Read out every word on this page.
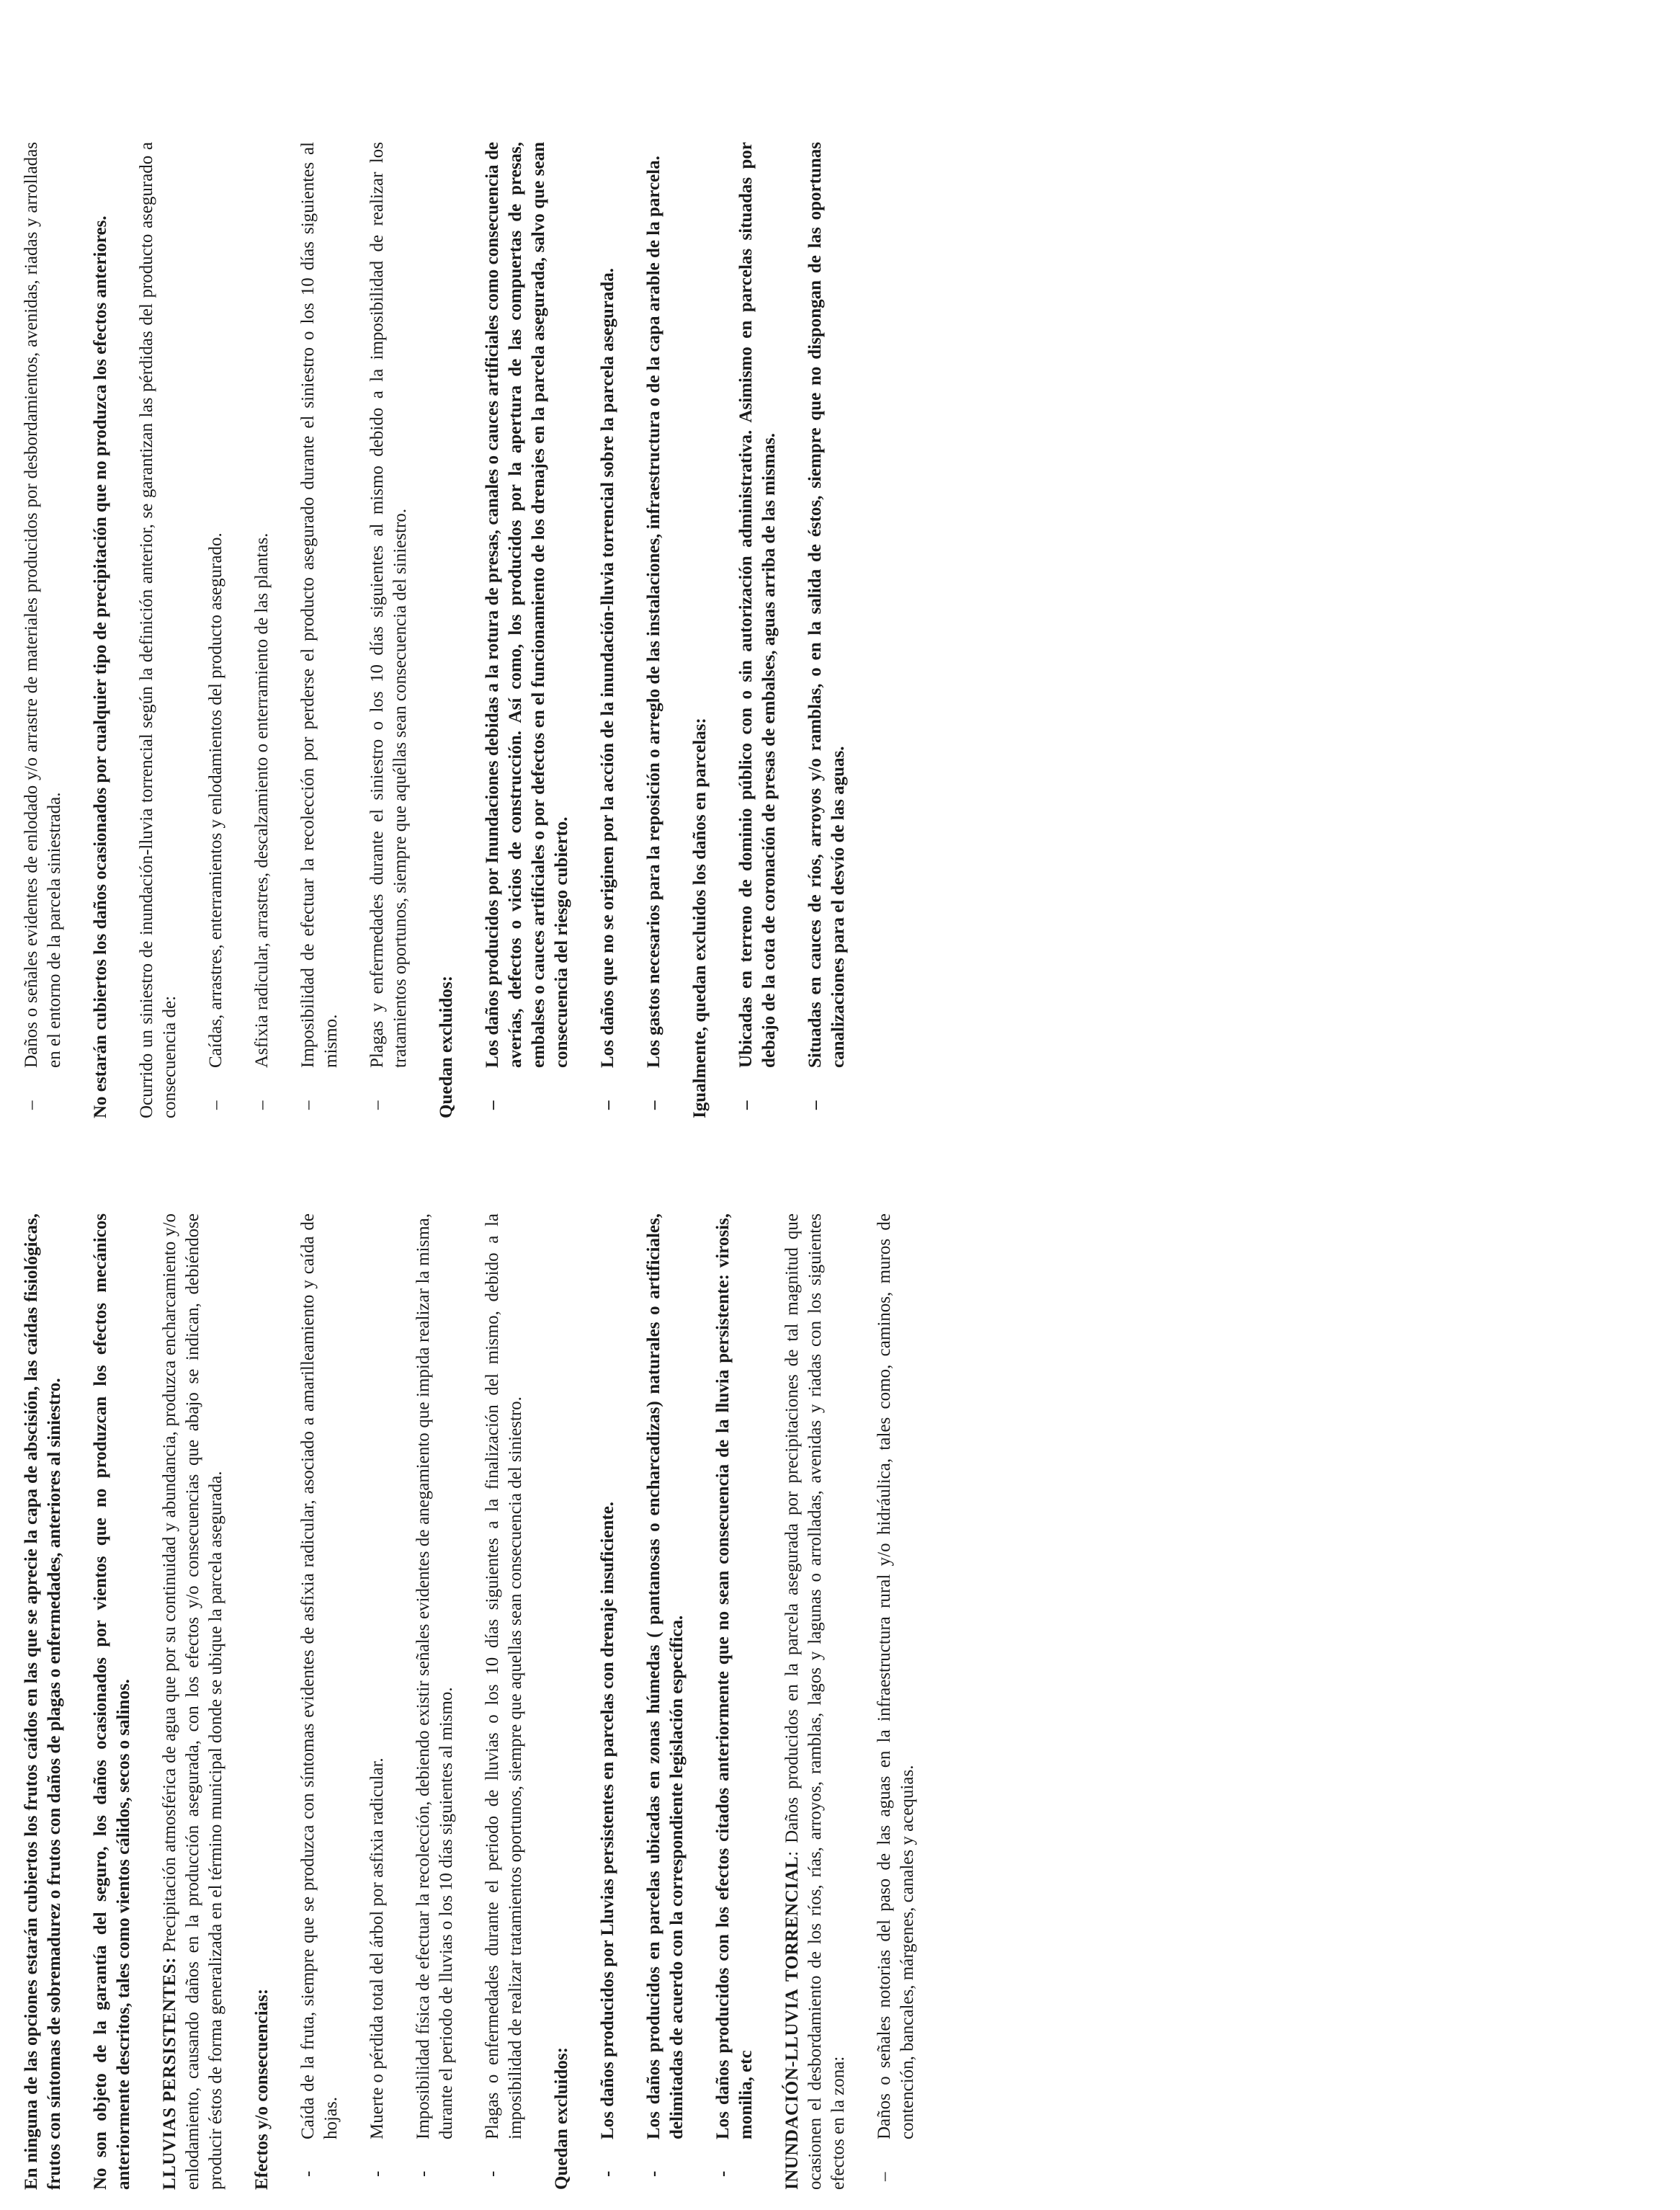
En ninguna de las opciones estarán cubiertos los frutos caídos en las que se aprecie la capa de abscisión, las caídas fisiológicas, frutos con síntomas de sobremadurez o frutos con daños de plagas o enfermedades, anteriores al siniestro. No son objeto de la garantía del seguro, los daños ocasionados por vientos que no produzcan los efectos mecánicos anteriormente descritos, tales como vientos cálidos, secos o salinos. LLUVIAS PERSISTENTES: Precipitación atmosférica de agua que por su continuidad y abundancia, produzca encharcamiento y/o enlodamiento, causando daños en la producción asegurada, con los efectos y/o consecuencias que abajo se indican, debiéndose producir éstos de forma generalizada en el término municipal donde se ubique la parcela asegurada. Efectos y/o consecuencias: -
Caída de la fruta, siempre que se produzca con síntomas evidentes de asfixia radicular, asociado a amarilleamiento y caída de hojas.
-
Muerte o pérdida total del árbol por asfixia radicular.
-
Imposibilidad física de efectuar la recolección, debiendo existir señales evidentes de anegamiento que impida realizar la misma, durante el periodo de lluvias o los 10 días siguientes al mismo.
-
Plagas o enfermedades durante el periodo de lluvias o los 10 días siguientes a la finalización del mismo, debido a la imposibilidad de realizar tratamientos oportunos, siempre que aquellas sean consecuencia del siniestro. Quedan excluidos: -
Los daños producidos por Lluvias persistentes en parcelas con drenaje insuficiente.
-
Los daños producidos en parcelas ubicadas en zonas húmedas ( pantanosas o encharcadizas) naturales o artificiales, delimitadas de acuerdo con la correspondiente legislación específica.
-
Los daños producidos con los efectos citados anteriormente que no sean consecuencia de la lluvia persistente: virosis, monilia, etc INUNDACIÓN-LLUVIA TORRENCIAL: Daños producidos en la parcela asegurada por precipitaciones de tal magnitud que ocasionen el desbordamiento de los ríos, rías, arroyos, ramblas, lagos y lagunas o arrolladas, avenidas y riadas con los siguientes efectos en la zona: –
Daños o señales notorias del paso de las aguas en la infraestructura rural y/o hidráulica, tales como, caminos, muros de contención, bancales, márgenes, canales y acequias.
–
Daños o señales evidentes de enlodado y/o arrastre de materiales producidos por desbordamientos, avenidas, riadas y arrolladas en el entorno de la parcela siniestrada. No estarán cubiertos los daños ocasionados por cualquier tipo de precipitación que no produzca los efectos anteriores. Ocurrido un siniestro de inundación-lluvia torrencial según la definición anterior, se garantizan las pérdidas del producto asegurado a consecuencia de: –
Caídas, arrastres, enterramientos y enlodamientos del producto asegurado.
–
Asfixia radicular, arrastres, descalzamiento o enterramiento de las plantas.
–
Imposibilidad de efectuar la recolección por perderse el producto asegurado durante el siniestro o los 10 días siguientes al mismo.
–
Plagas y enfermedades durante el siniestro o los 10 días siguientes al mismo debido a la imposibilidad de realizar los tratamientos oportunos, siempre que aquéllas sean consecuencia del siniestro. Quedan excluidos: –
Los daños producidos por Inundaciones debidas a la rotura de presas, canales o cauces artificiales como consecuencia de averías, defectos o vicios de construcción. Así como, los producidos por la apertura de las compuertas de presas, embalses o cauces artificiales o por defectos en el funcionamiento de los drenajes en la parcela asegurada, salvo que sean consecuencia del riesgo cubierto.
–
Los daños que no se originen por la acción de la inundación-lluvia torrencial sobre la parcela asegurada.
–
Los gastos necesarios para la reposición o arreglo de las instalaciones, infraestructura o de la capa arable de la parcela. Igualmente, quedan excluidos los daños en parcelas: –
Ubicadas en terreno de dominio público con o sin autorización administrativa. Asimismo en parcelas situadas por debajo de la cota de coronación de presas de embalses, aguas arriba de las mismas.
–
Situadas en cauces de ríos, arroyos y/o ramblas, o en la salida de éstos, siempre que no dispongan de las oportunas canalizaciones para el desvío de las aguas.
